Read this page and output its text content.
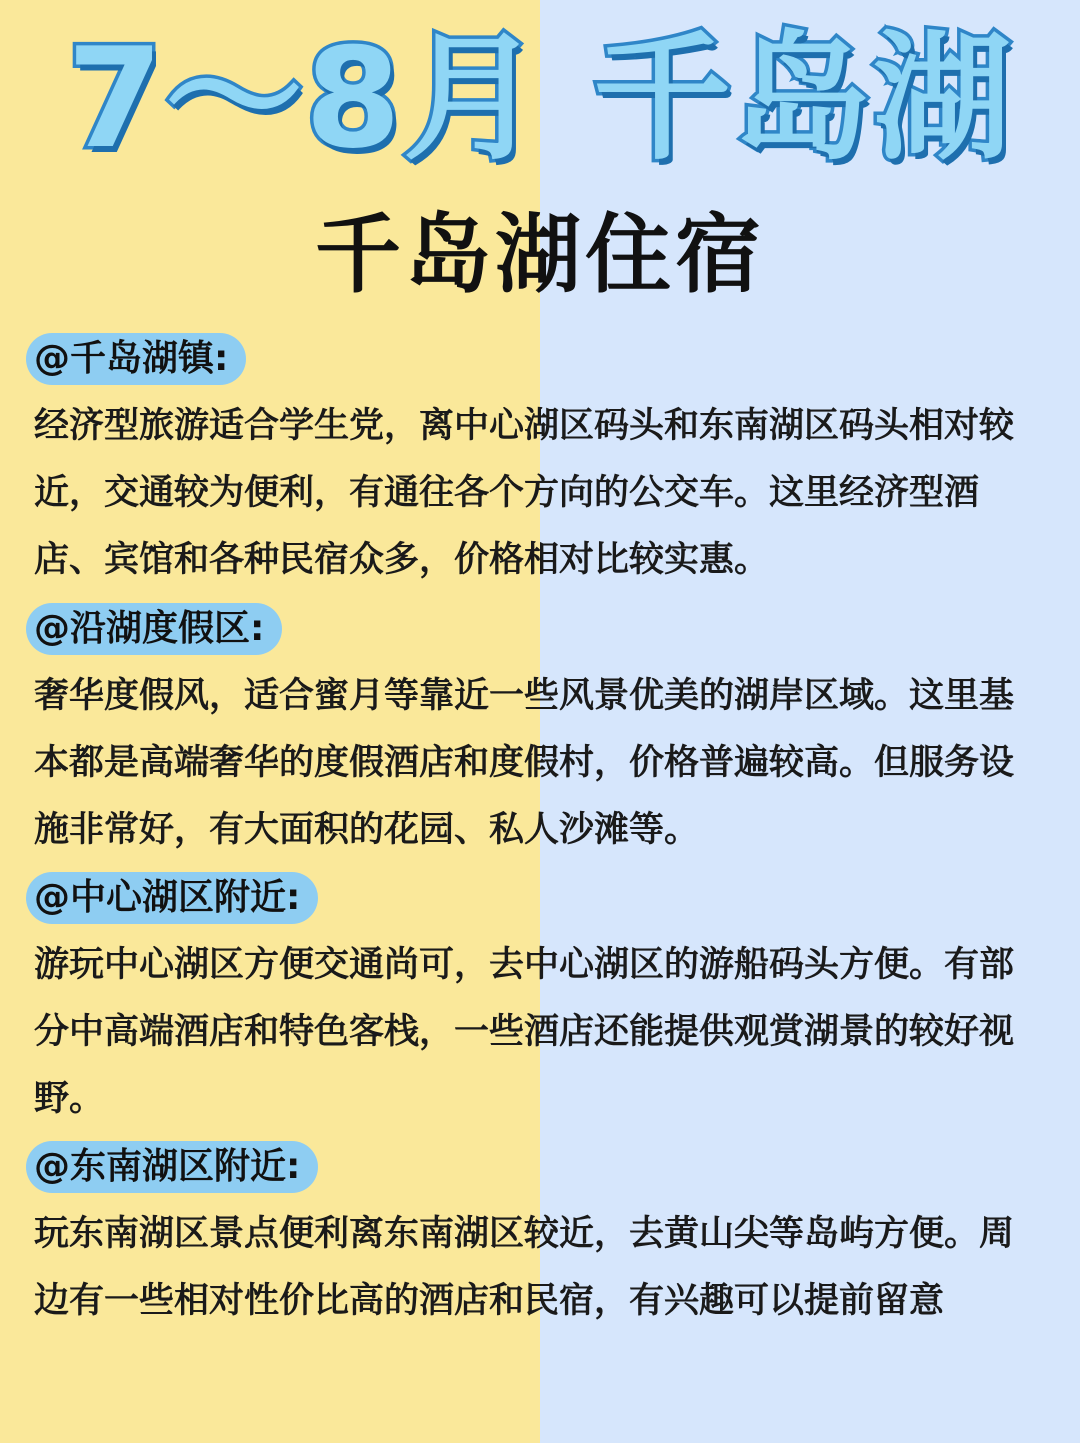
7～8月 千岛湖
千岛湖住宿
@千岛湖镇:
经济型旅游适合学生党，离中心湖区码头和东南湖区码头相对较近，交通较为便利，有通往各个方向的公交车。这里经济型酒店、宾馆和各种民宿众多，价格相对比较实惠。
@沿湖度假区:
奢华度假风，适合蜜月等靠近一些风景优美的湖岸区域。这里基本都是高端奢华的度假酒店和度假村，价格普遍较高。但服务设施非常好，有大面积的花园、私人沙滩等。
@中心湖区附近:
游玩中心湖区方便交通尚可，去中心湖区的游船码头方便。有部分中高端酒店和特色客栈，一些酒店还能提供观赏湖景的较好视野。
@东南湖区附近:
玩东南湖区景点便利离东南湖区较近，去黄山尖等岛屿方便。周边有一些相对性价比高的酒店和民宿，有兴趣可以提前留意
